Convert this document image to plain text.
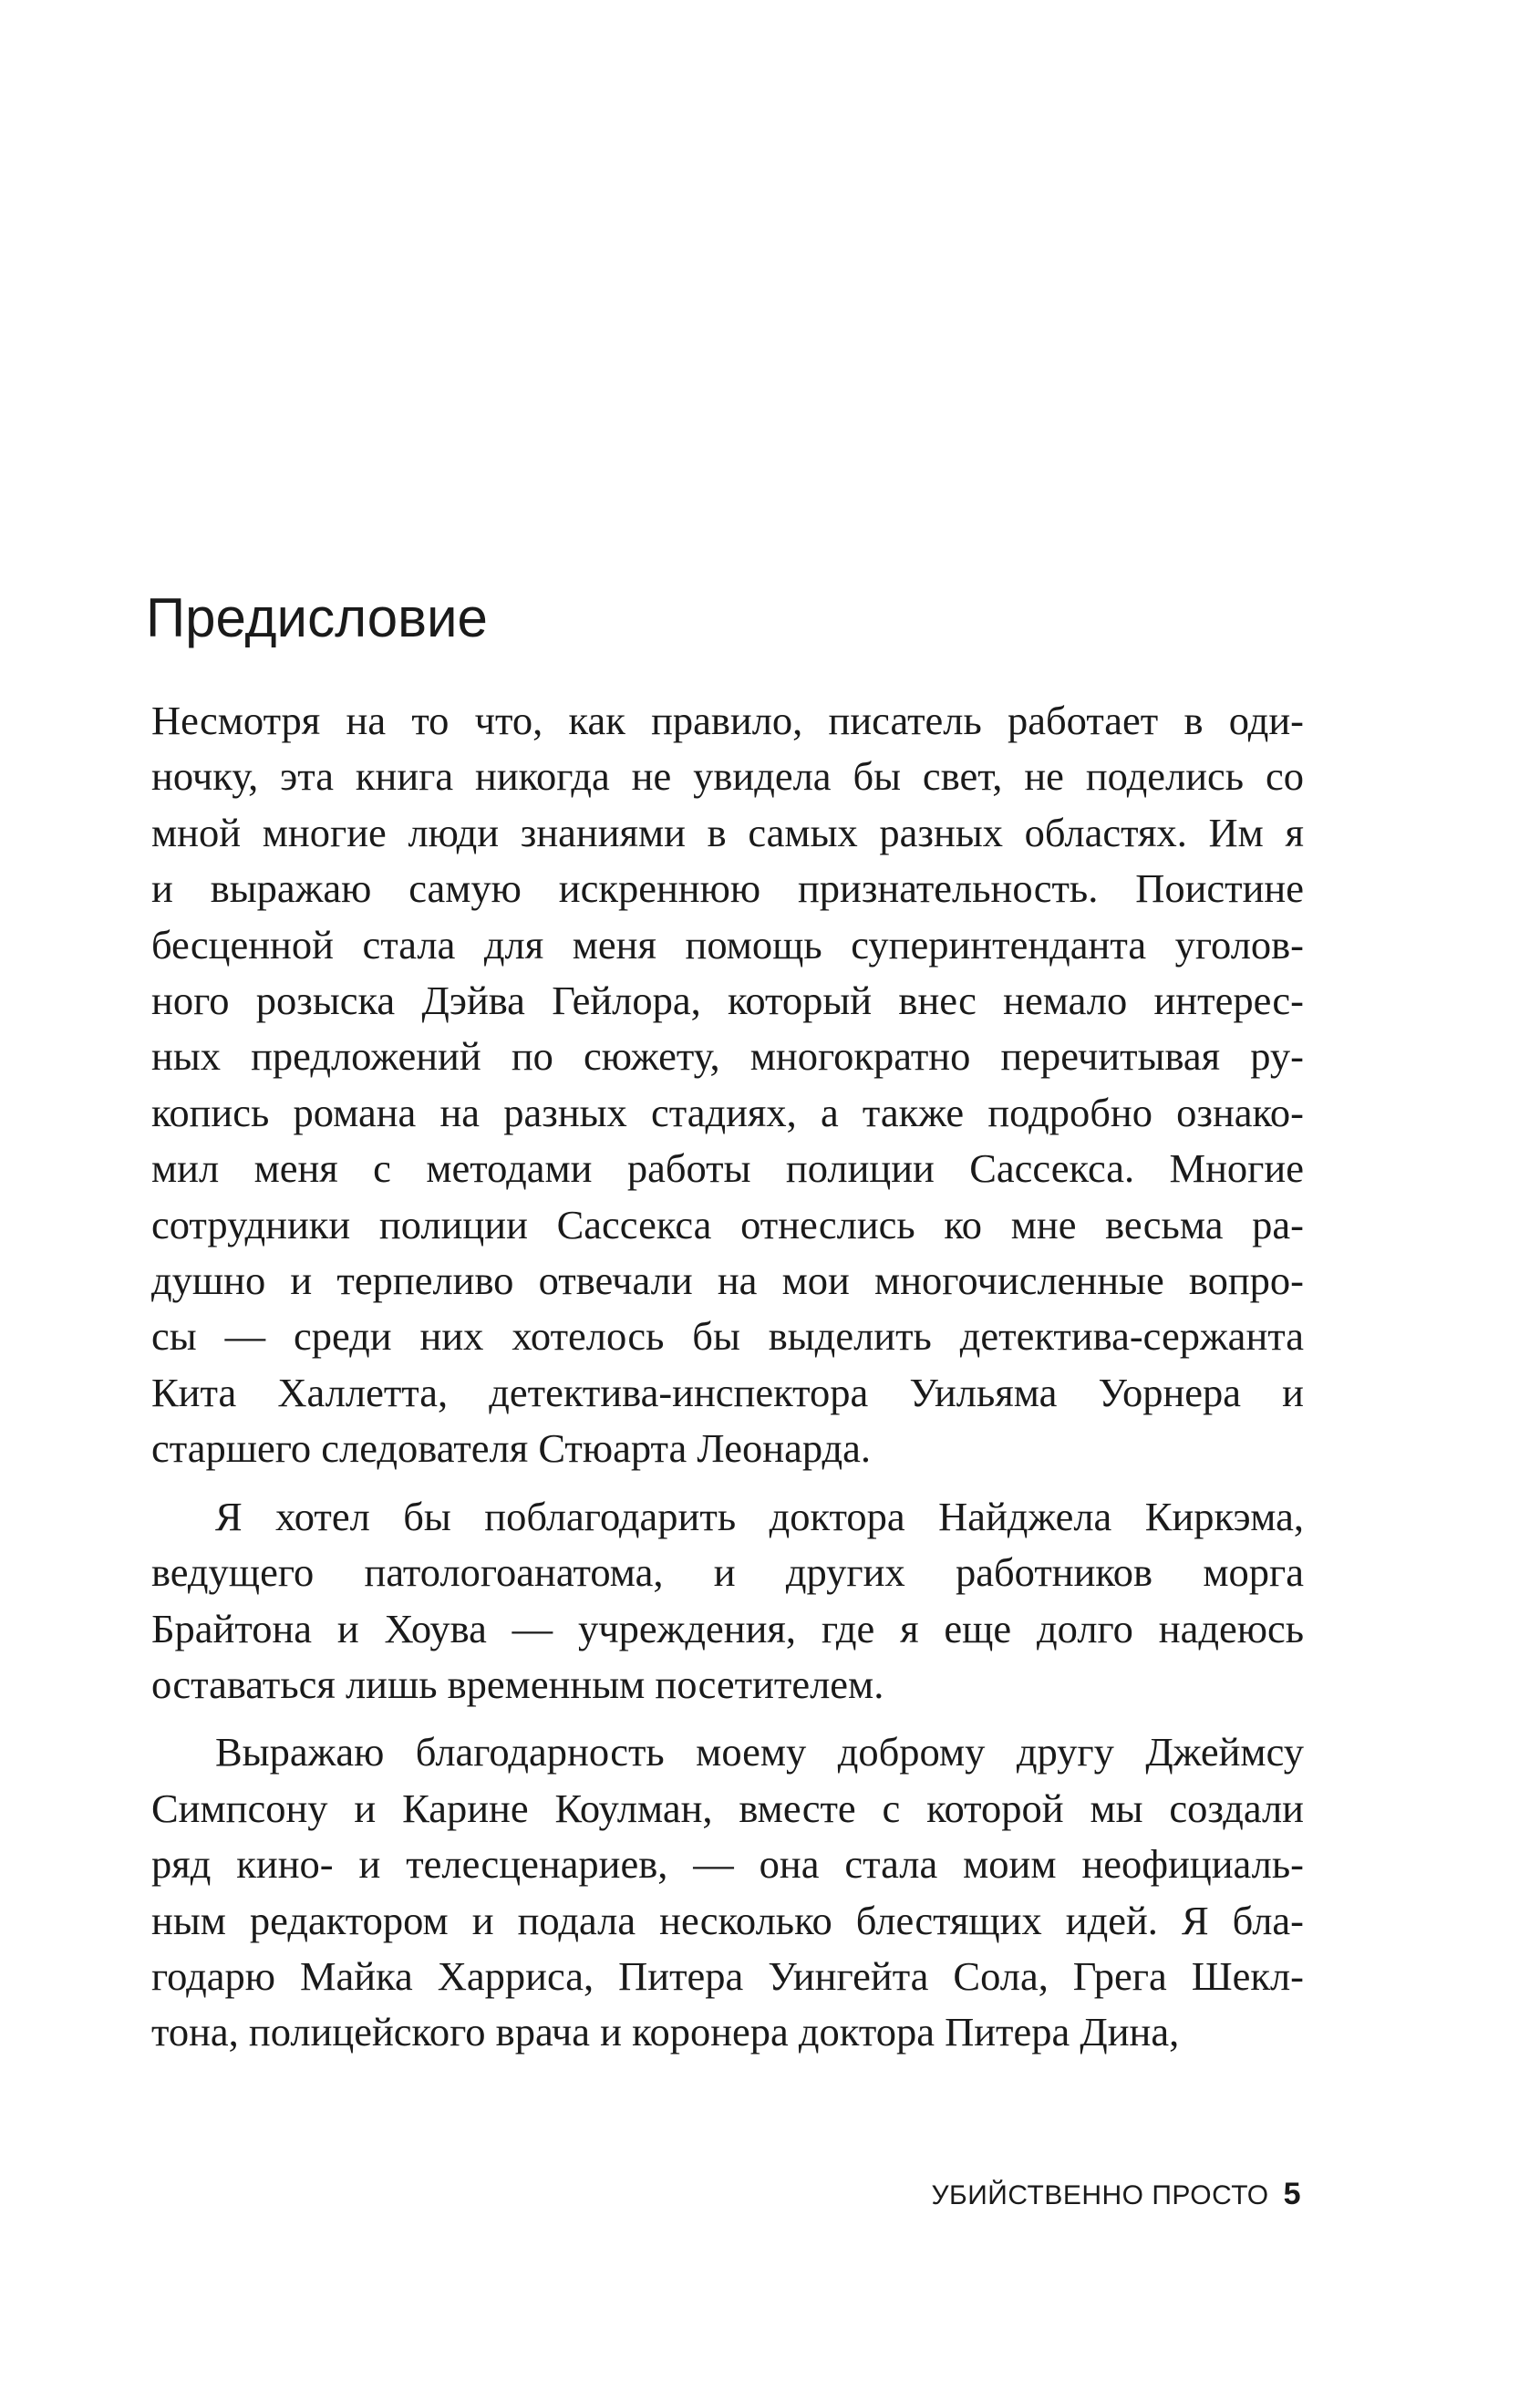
Предисловие

Несмотря на то что, как правило, писатель работает в оди-
ночку, эта книга никогда не увидела бы свет, не поделись со
мной многие люди знаниями в самых разных областях. Им я
и выражаю самую искреннюю признательность. Поистине
бесценной стала для меня помощь суперинтенданта уголов-
ного розыска Дэйва Гейлора, который внес немало интерес-
ных предложений по сюжету, многократно перечитывая ру-
копись романа на разных стадиях, а также подробно ознако-
мил меня с методами работы полиции Сассекса. Многие
сотрудники полиции Сассекса отнеслись ко мне весьма ра-
душно и терпеливо отвечали на мои многочисленные вопро-
сы — среди них хотелось бы выделить детектива-сержанта
Кита Халлетта, детектива-инспектора Уильяма Уорнера и
старшего следователя Стюарта Леонарда.

Я хотел бы поблагодарить доктора Найджела Киркэма,
ведущего патологоанатома, и других работников морга
Брайтона и Хоува — учреждения, где я еще долго надеюсь
оставаться лишь временным посетителем.

Выражаю благодарность моему доброму другу Джеймсу
Симпсону и Карине Коулман, вместе с которой мы создали
ряд кино- и телесценариев, — она стала моим неофициаль-
ным редактором и подала несколько блестящих идей. Я бла-
годарю Майка Харриса, Питера Уингейта Сола, Грега Шекл-
тона, полицейского врача и коронера доктора Питера Дина,

УБИЙСТВЕННО ПРОСТО 5
